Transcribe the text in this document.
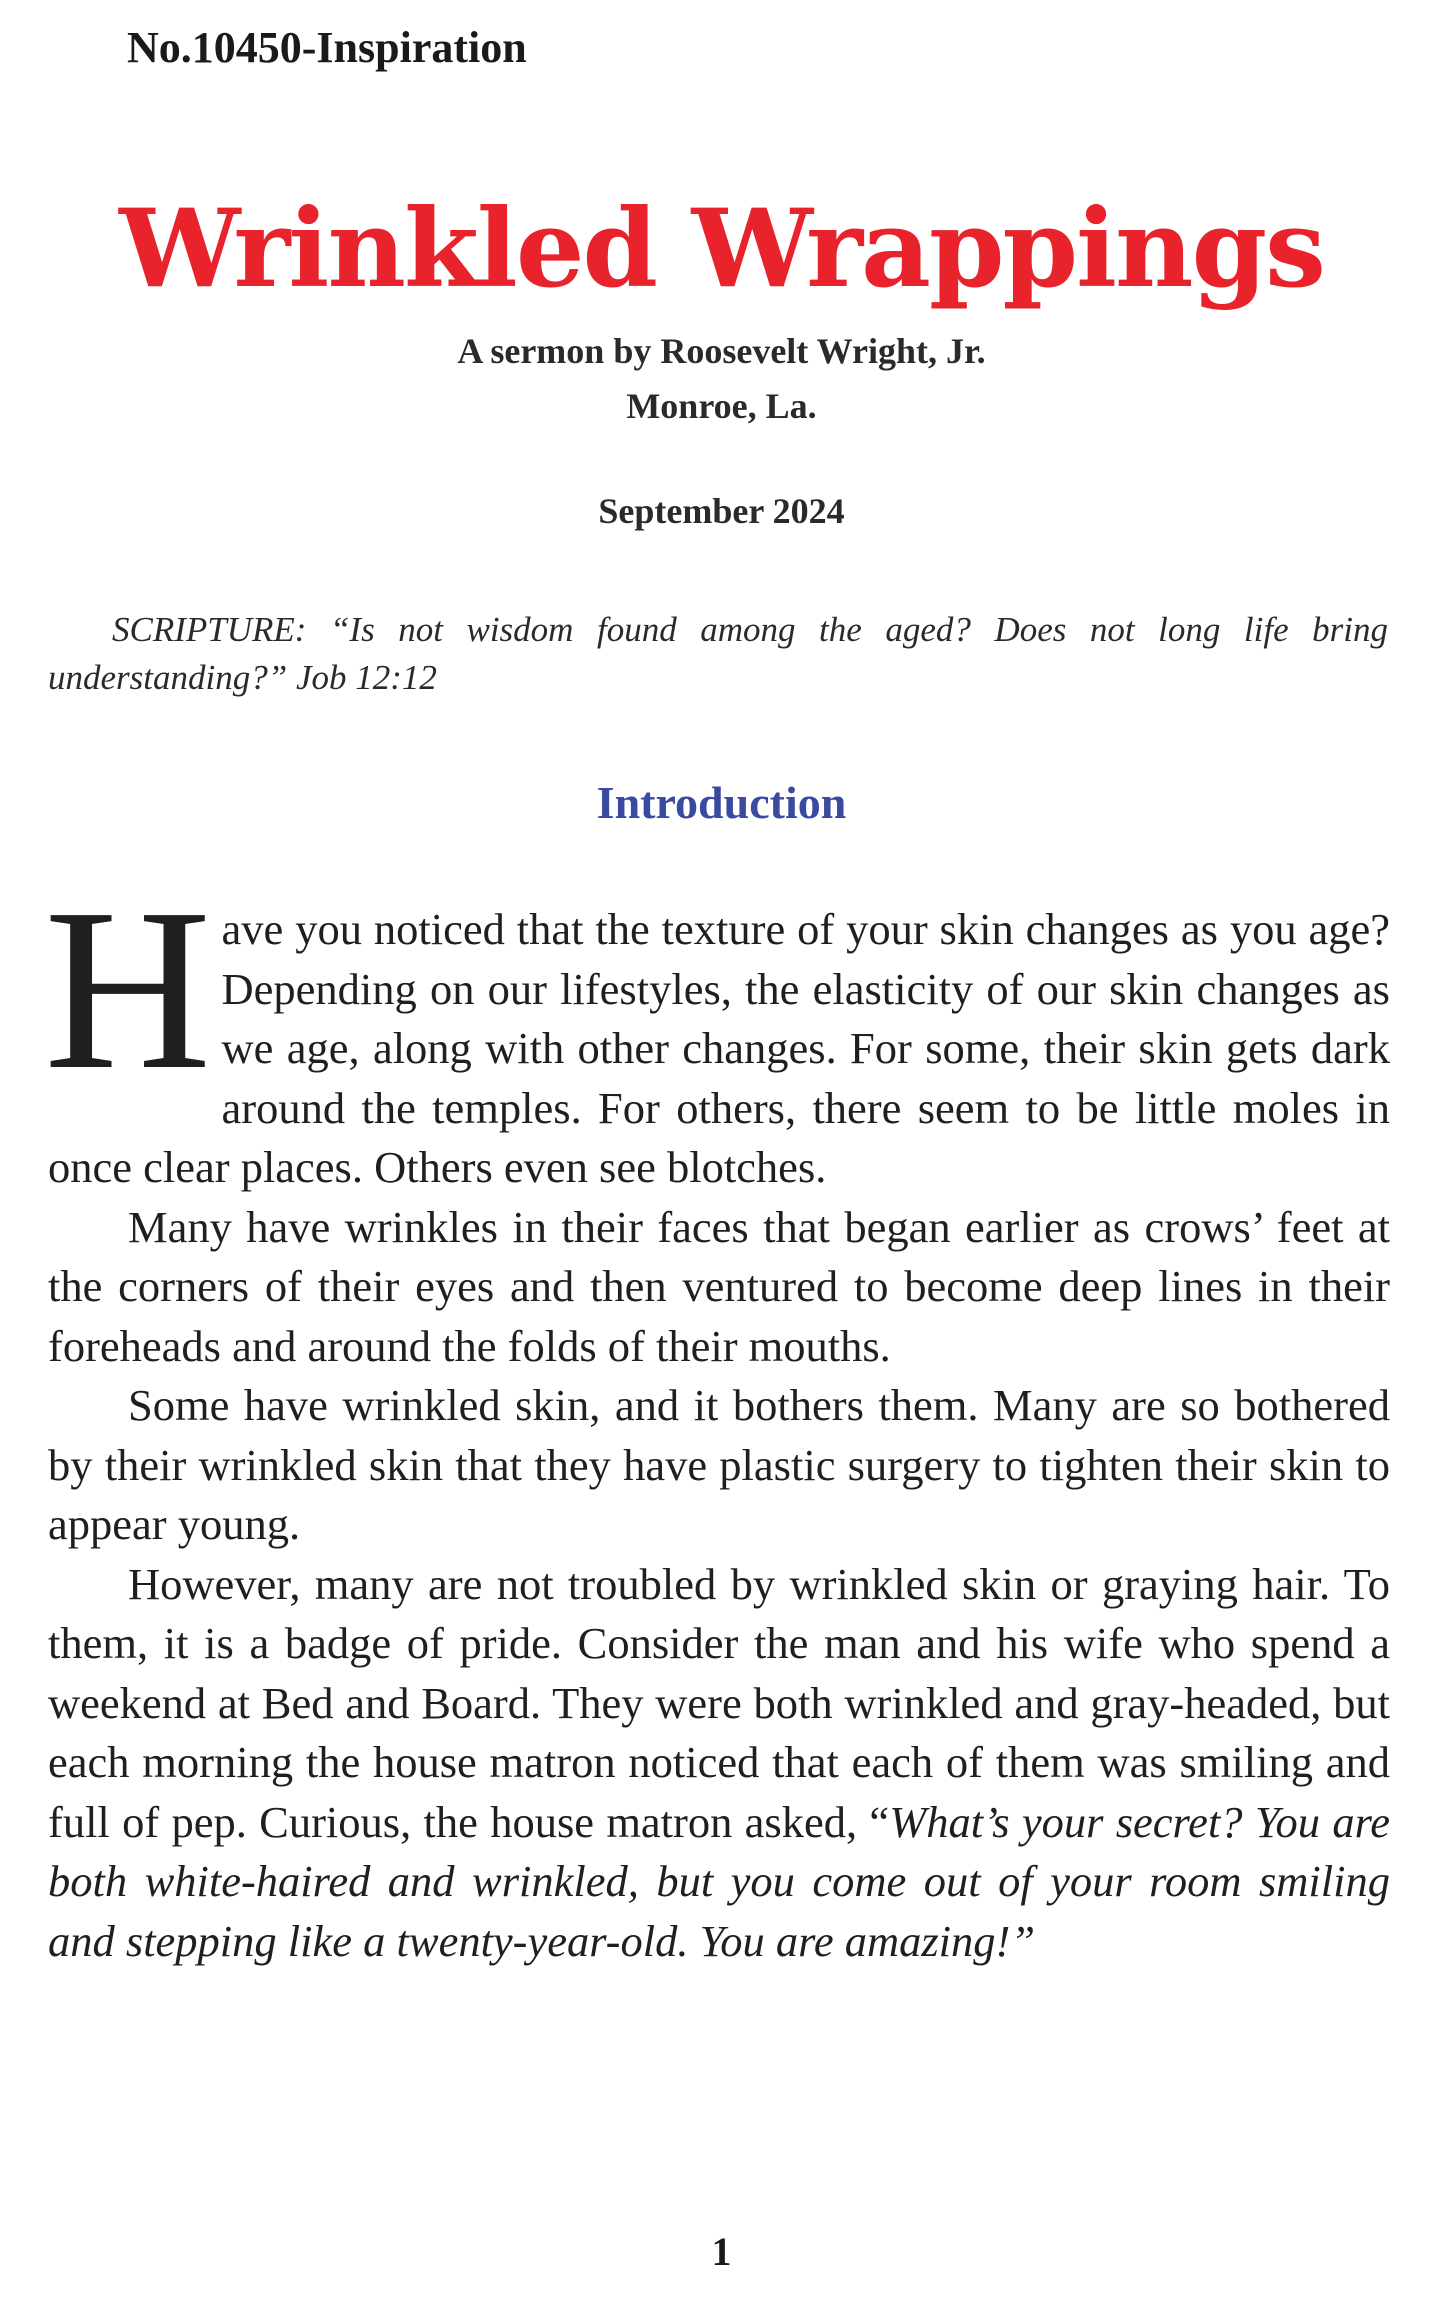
No.10450-Inspiration
Wrinkled Wrappings
A sermon by Roosevelt Wright, Jr.
Monroe, La.
September 2024
SCRIPTURE: “Is not wisdom found among the aged? Does not long life bring understanding?” Job 12:12
Introduction

Have you noticed that the texture of your skin changes as you age? Depending on our lifestyles, the elasticity of our skin changes as we age, along with other changes. For some, their skin gets dark around the temples. For others, there seem to be little moles in once clear places. Others even see blotches.

Many have wrinkles in their faces that began earlier as crows’ feet at the corners of their eyes and then ventured to become deep lines in their foreheads and around the folds of their mouths.

Some have wrinkled skin, and it bothers them. Many are so bothered by their wrinkled skin that they have plastic surgery to tighten their skin to appear young.

However, many are not troubled by wrinkled skin or graying hair. To them, it is a badge of pride. Consider the man and his wife who spend a weekend at Bed and Board. They were both wrinkled and gray-headed, but each morning the house matron noticed that each of them was smiling and full of pep. Curious, the house matron asked, “What’s your secret? You are both white-haired and wrinkled, but you come out of your room smiling and stepping like a twenty-year-old. You are amazing!”

1
